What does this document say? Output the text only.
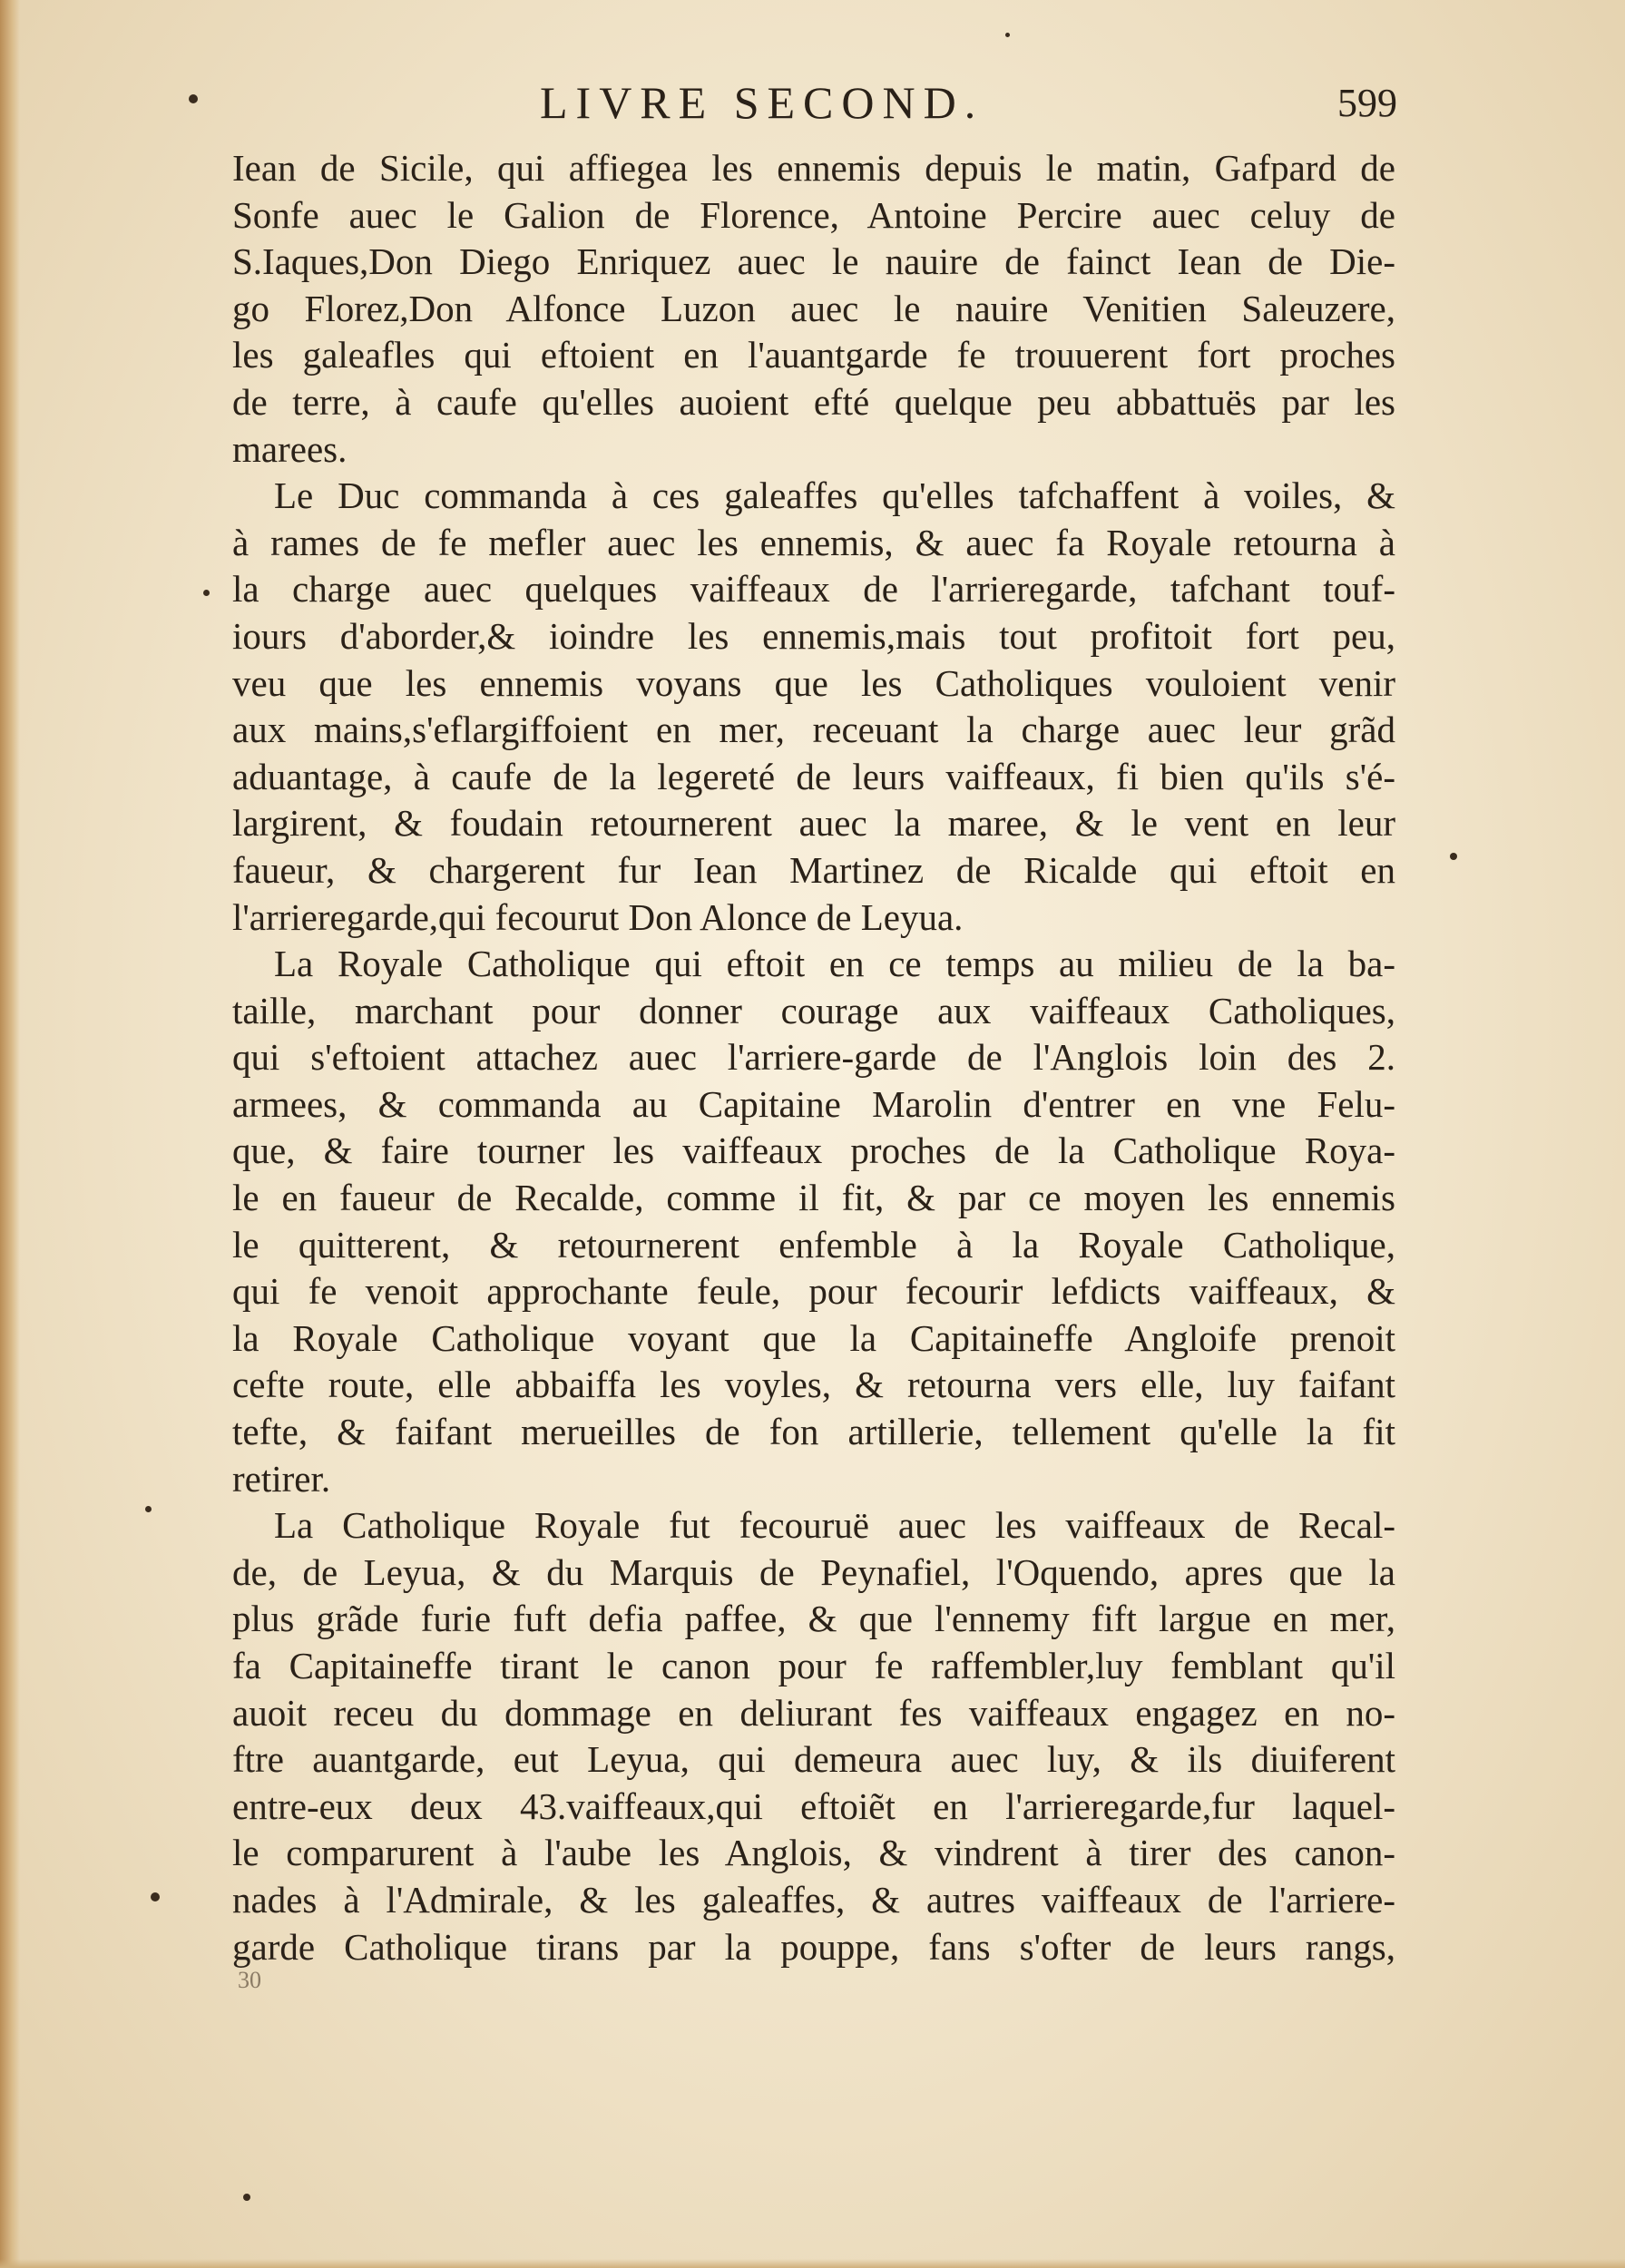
LIVRE SECOND.	599
Iean de Sicile, qui affiegea les ennemis depuis le matin, Gafpard de
Sonfe auec le Galion de Florence, Antoine Percire auec celuy de
S.Iaques,Don Diego Enriquez auec le nauire de fainct Iean de Die-
go Florez,Don Alfonce Luzon auec le nauire Venitien Saleuzere,
les galeafles qui eftoient en l'auantgarde fe trouuerent fort proches
de terre, à caufe qu'elles auoient efté quelque peu abbattuës par les
marees.
Le Duc commanda à ces galeaffes qu'elles tafchaffent à voiles, &
à rames de fe mefler auec les ennemis, & auec fa Royale retourna à
la charge auec quelques vaiffeaux de l'arrieregarde, tafchant touf-
iours d'aborder,& ioindre les ennemis,mais tout profitoit fort peu,
veu que les ennemis voyans que les Catholiques vouloient venir
aux mains,s'eflargiffoient en mer, receuant la charge auec leur grãd
aduantage, à caufe de la legereté de leurs vaiffeaux, fi bien qu'ils s'é-
largirent, & foudain retournerent auec la maree, & le vent en leur
faueur, & chargerent fur Iean Martinez de Ricalde qui eftoit en
l'arrieregarde,qui fecourut Don Alonce de Leyua.
La Royale Catholique qui eftoit en ce temps au milieu de la ba-
taille, marchant pour donner courage aux vaiffeaux Catholiques,
qui s'eftoient attachez auec l'arriere-garde de l'Anglois loin des 2.
armees, & commanda au Capitaine Marolin d'entrer en vne Felu-
que, & faire tourner les vaiffeaux proches de la Catholique Roya-
le en faueur de Recalde, comme il fit, & par ce moyen les ennemis
le quitterent, & retournerent enfemble à la Royale Catholique,
qui fe venoit approchante feule, pour fecourir lefdicts vaiffeaux, &
la Royale Catholique voyant que la Capitaineffe Angloife prenoit
cefte route, elle abbaiffa les voyles, & retourna vers elle, luy faifant
tefte, & faifant merueilles de fon artillerie, tellement qu'elle la fit
retirer.
La Catholique Royale fut fecouruë auec les vaiffeaux de Recal-
de, de Leyua, & du Marquis de Peynafiel, l'Oquendo, apres que la
plus grãde furie fuft defia paffee, & que l'ennemy fift largue en mer,
fa Capitaineffe tirant le canon pour fe raffembler,luy femblant qu'il
auoit receu du dommage en deliurant fes vaiffeaux engagez en no-
ftre auantgarde, eut Leyua, qui demeura auec luy, & ils diuiferent
entre-eux deux 43.vaiffeaux,qui eftoiẽt en l'arrieregarde,fur laquel-
le comparurent à l'aube les Anglois, & vindrent à tirer des canon-
nades à l'Admirale, & les galeaffes, & autres vaiffeaux de l'arriere-
garde Catholique tirans par la pouppe, fans s'ofter de leurs rangs,
30
